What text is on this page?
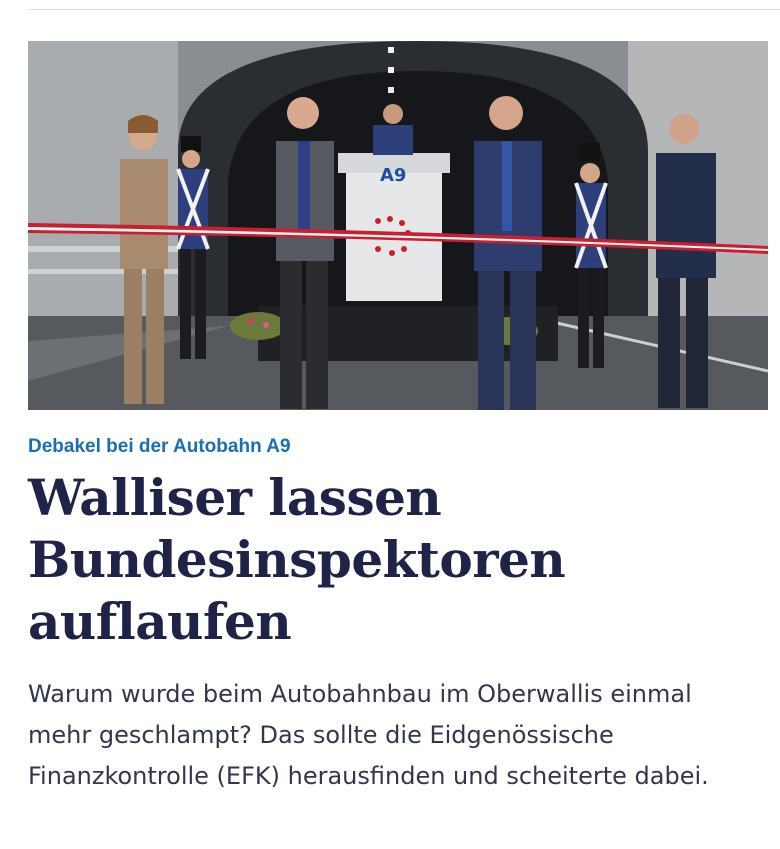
A9
Debakel bei der Autobahn A9
Walliser lassen Bundesinspektoren auflaufen

Warum wurde beim Autobahnbau im Oberwallis einmal mehr geschlampt? Das sollte die Eidgenössische Finanzkontrolle (EFK) herausfinden und scheiterte dabei.
